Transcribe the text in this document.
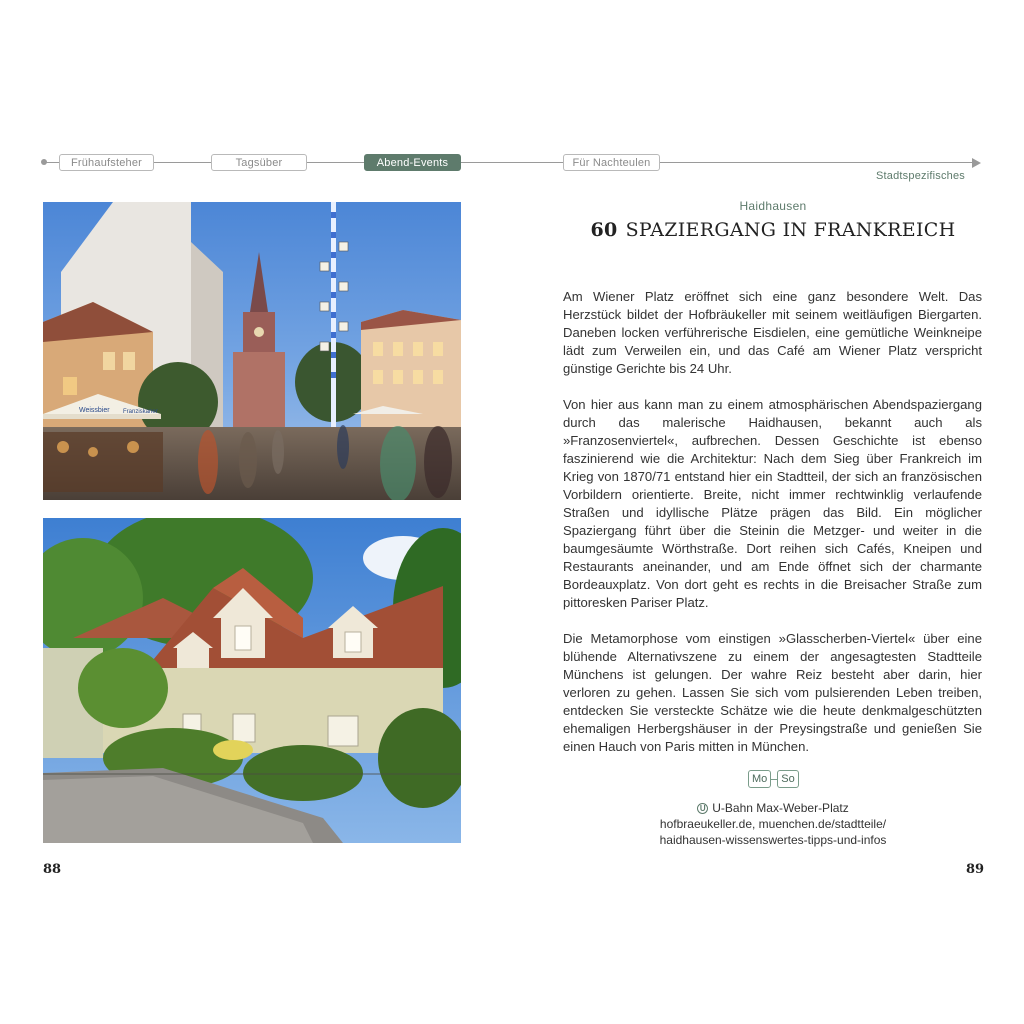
Frühaufsteher	Tagsüber	Abend-Events	Für Nachteulen
Stadtspezifisches
Weissbier Franziskaner
Haidhausen
60 SPAZIERGANG IN FRANKREICH

Am Wiener Platz eröffnet sich eine ganz besondere Welt. Das Herzstück bildet der Hofbräukeller mit seinem weitläufigen Biergarten. Daneben locken verführerische Eisdielen, eine gemütliche Weinkneipe lädt zum Verweilen ein, und das Café am Wiener Platz verspricht günstige Gerichte bis 24 Uhr.

Von hier aus kann man zu einem atmosphärischen Abendspaziergang durch das malerische Haidhausen, bekannt auch als »Franzosenviertel«, aufbrechen. Dessen Geschichte ist ebenso faszinierend wie die Architektur: Nach dem Sieg über Frankreich im Krieg von 1870/71 entstand hier ein Stadtteil, der sich an französischen Vorbildern orientierte. Breite, nicht immer rechtwinklig verlaufende Straßen und idyllische Plätze prägen das Bild. Ein möglicher Spaziergang führt über die Steinin die Metzger- und weiter in die baumgesäumte Wörthstraße. Dort reihen sich Cafés, Kneipen und Restaurants aneinander, und am Ende öffnet sich der charmante Bordeauxplatz. Von dort geht es rechts in die Breisacher Straße zum pittoresken Pariser Platz.

Die Metamorphose vom einstigen »Glasscherben-Viertel« über eine blühende Alternativszene zu einem der angesagtesten Stadtteile Münchens ist gelungen. Der wahre Reiz besteht aber darin, hier verloren zu gehen. Lassen Sie sich vom pulsierenden Leben treiben, entdecken Sie versteckte Schätze wie die heute denkmalgeschützten ehemaligen Herbergshäuser in der Preysingstraße und genießen Sie einen Hauch von Paris mitten in München.

Mo	So
U U-Bahn Max-Weber-Platz
hofbraeukeller.de, muenchen.de/stadtteile/
haidhausen-wissenswertes-tipps-und-infos
88	89
